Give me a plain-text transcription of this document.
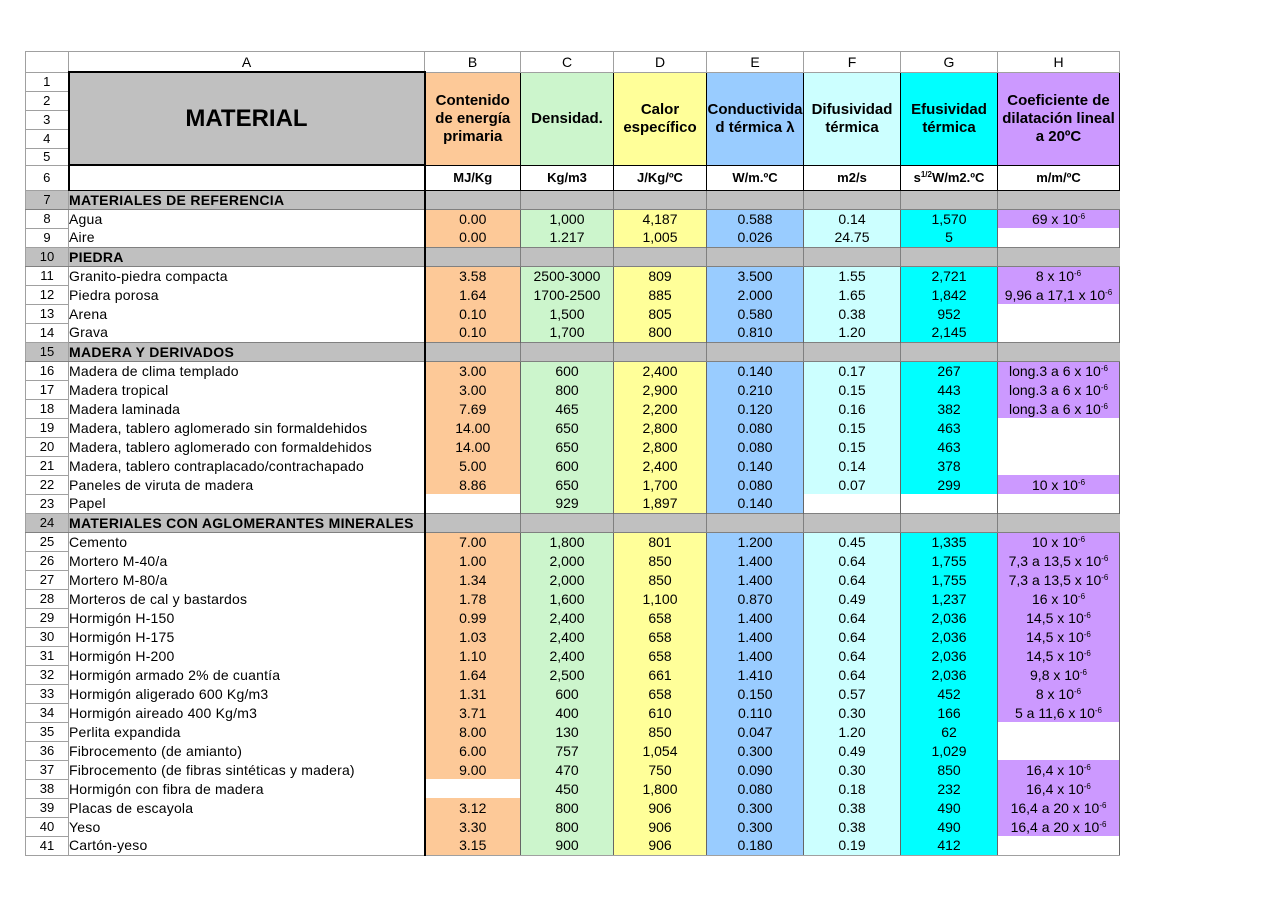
	A	B	C	D	E	F	G	H
1	MATERIAL	Contenido de energía primaria	Densidad.	Calor específico	Conductividad térmica λ	Difusividad térmica	Efusividad térmica	Coeficiente de dilatación lineal a 20ºC
2								
3								
4								
5								
6		MJ/Kg	Kg/m3	J/Kg/ºC	W/m.ºC	m2/s	$s^{1/2}W/m2.ºC$	m/m/ºC
7	MATERIALES DE REFERENCIA							
8	Agua	0.00	1,000	4,187	0.588	0.14	1,570	69 x $10^{-6}$
9	Aire	0.00	1.217	1,005	0.026	24.75	5	
10	PIEDRA							
11	Granito-piedra compacta	3.58	2500-3000	809	3.500	1.55	2,721	8 x $10^{-6}$
12	Piedra porosa	1.64	1700-2500	885	2.000	1.65	1,842	9,96 a 17,1 x $10^{-6}$
13	Arena	0.10	1,500	805	0.580	0.38	952	
14	Grava	0.10	1,700	800	0.810	1.20	2,145	
15	MADERA Y DERIVADOS							
16	Madera de clima templado	3.00	600	2,400	0.140	0.17	267	long.3 a 6 x $10^{-6}$
17	Madera tropical	3.00	800	2,900	0.210	0.15	443	long.3 a 6 x $10^{-6}$
18	Madera laminada	7.69	465	2,200	0.120	0.16	382	long.3 a 6 x $10^{-6}$
19	Madera, tablero aglomerado sin formaldehidos	14.00	650	2,800	0.080	0.15	463	
20	Madera, tablero aglomerado con formaldehidos	14.00	650	2,800	0.080	0.15	463	
21	Madera, tablero contraplacado/contrachapado	5.00	600	2,400	0.140	0.14	378	
22	Paneles de viruta de madera	8.86	650	1,700	0.080	0.07	299	10 x $10^{-6}$
23	Papel		929	1,897	0.140			
24	MATERIALES CON AGLOMERANTES MINERALES							
25	Cemento	7.00	1,800	801	1.200	0.45	1,335	10 x $10^{-6}$
26	Mortero M-40/a	1.00	2,000	850	1.400	0.64	1,755	7,3 a 13,5 x $10^{-6}$
27	Mortero M-80/a	1.34	2,000	850	1.400	0.64	1,755	7,3 a 13,5 x $10^{-6}$
28	Morteros de cal y bastardos	1.78	1,600	1,100	0.870	0.49	1,237	16 x $10^{-6}$
29	Hormigón H-150	0.99	2,400	658	1.400	0.64	2,036	14,5 x $10^{-6}$
30	Hormigón H-175	1.03	2,400	658	1.400	0.64	2,036	14,5 x $10^{-6}$
31	Hormigón H-200	1.10	2,400	658	1.400	0.64	2,036	14,5 x $10^{-6}$
32	Hormigón armado 2% de cuantía	1.64	2,500	661	1.410	0.64	2,036	9,8 x $10^{-6}$
33	Hormigón aligerado 600 Kg/m3	1.31	600	658	0.150	0.57	452	8 x $10^{-6}$
34	Hormigón aireado 400 Kg/m3	3.71	400	610	0.110	0.30	166	5 a 11,6 x $10^{-6}$
35	Perlita expandida	8.00	130	850	0.047	1.20	62	
36	Fibrocemento (de amianto)	6.00	757	1,054	0.300	0.49	1,029	
37	Fibrocemento (de fibras sintéticas y madera)	9.00	470	750	0.090	0.30	850	16,4 x $10^{-6}$
38	Hormigón con fibra de madera		450	1,800	0.080	0.18	232	16,4 x $10^{-6}$
39	Placas de escayola	3.12	800	906	0.300	0.38	490	16,4 a 20 x $10^{-6}$
40	Yeso	3.30	800	906	0.300	0.38	490	16,4 a 20 x $10^{-6}$
41	Cartón-yeso	3.15	900	906	0.180	0.19	412	
